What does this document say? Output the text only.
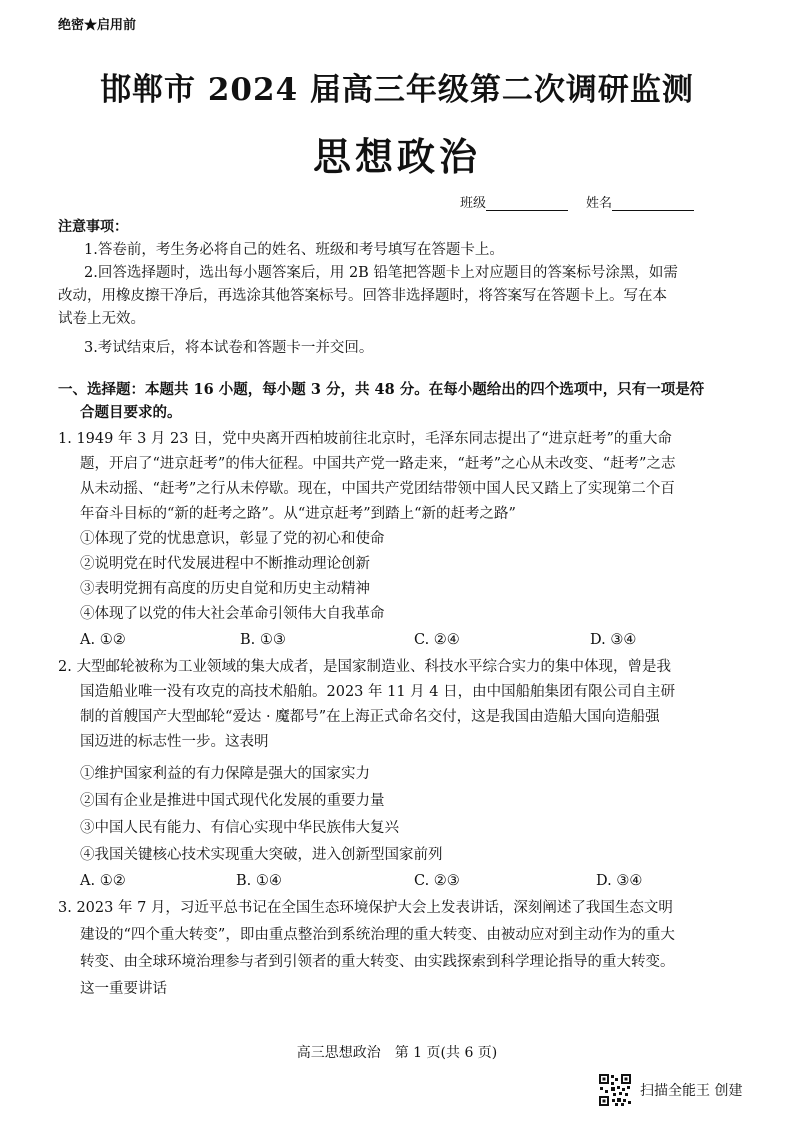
绝密★启用前
邯郸市 2024 届高三年级第二次调研监测
思想政治
班级	姓名
注意事项：
1.答卷前，考生务必将自己的姓名、班级和考号填写在答题卡上。
2.回答选择题时，选出每小题答案后，用 2B 铅笔把答题卡上对应题目的答案标号涂黑，如需
改动，用橡皮擦干净后，再选涂其他答案标号。回答非选择题时，将答案写在答题卡上。写在本
试卷上无效。
3.考试结束后，将本试卷和答题卡一并交回。
一、选择题：本题共 16 小题，每小题 3 分，共 48 分。在每小题给出的四个选项中，只有一项是符
合题目要求的。
1. 1949 年 3 月 23 日，党中央离开西柏坡前往北京时，毛泽东同志提出了“进京赶考”的重大命
题，开启了“进京赶考”的伟大征程。中国共产党一路走来，“赶考”之心从未改变、“赶考”之志
从未动摇、“赶考”之行从未停歇。现在，中国共产党团结带领中国人民又踏上了实现第二个百
年奋斗目标的“新的赶考之路”。从“进京赶考”到踏上“新的赶考之路”
①体现了党的忧患意识，彰显了党的初心和使命
②说明党在时代发展进程中不断推动理论创新
③表明党拥有高度的历史自觉和历史主动精神
④体现了以党的伟大社会革命引领伟大自我革命
A. ①②	B. ①③	C. ②④	D. ③④
2. 大型邮轮被称为工业领域的集大成者，是国家制造业、科技水平综合实力的集中体现，曾是我
国造船业唯一没有攻克的高技术船舶。2023 年 11 月 4 日，由中国船舶集团有限公司自主研
制的首艘国产大型邮轮“爱达 · 魔都号”在上海正式命名交付，这是我国由造船大国向造船强
国迈进的标志性一步。这表明
①维护国家利益的有力保障是强大的国家实力
②国有企业是推进中国式现代化发展的重要力量
③中国人民有能力、有信心实现中华民族伟大复兴
④我国关键核心技术实现重大突破，进入创新型国家前列
A. ①②	B. ①④	C. ②③	D. ③④
3. 2023 年 7 月，习近平总书记在全国生态环境保护大会上发表讲话，深刻阐述了我国生态文明
建设的“四个重大转变”，即由重点整治到系统治理的重大转变、由被动应对到主动作为的重大
转变、由全球环境治理参与者到引领者的重大转变、由实践探索到科学理论指导的重大转变。
这一重要讲话
高三思想政治　第 1 页(共 6 页)
扫描全能王 创建
